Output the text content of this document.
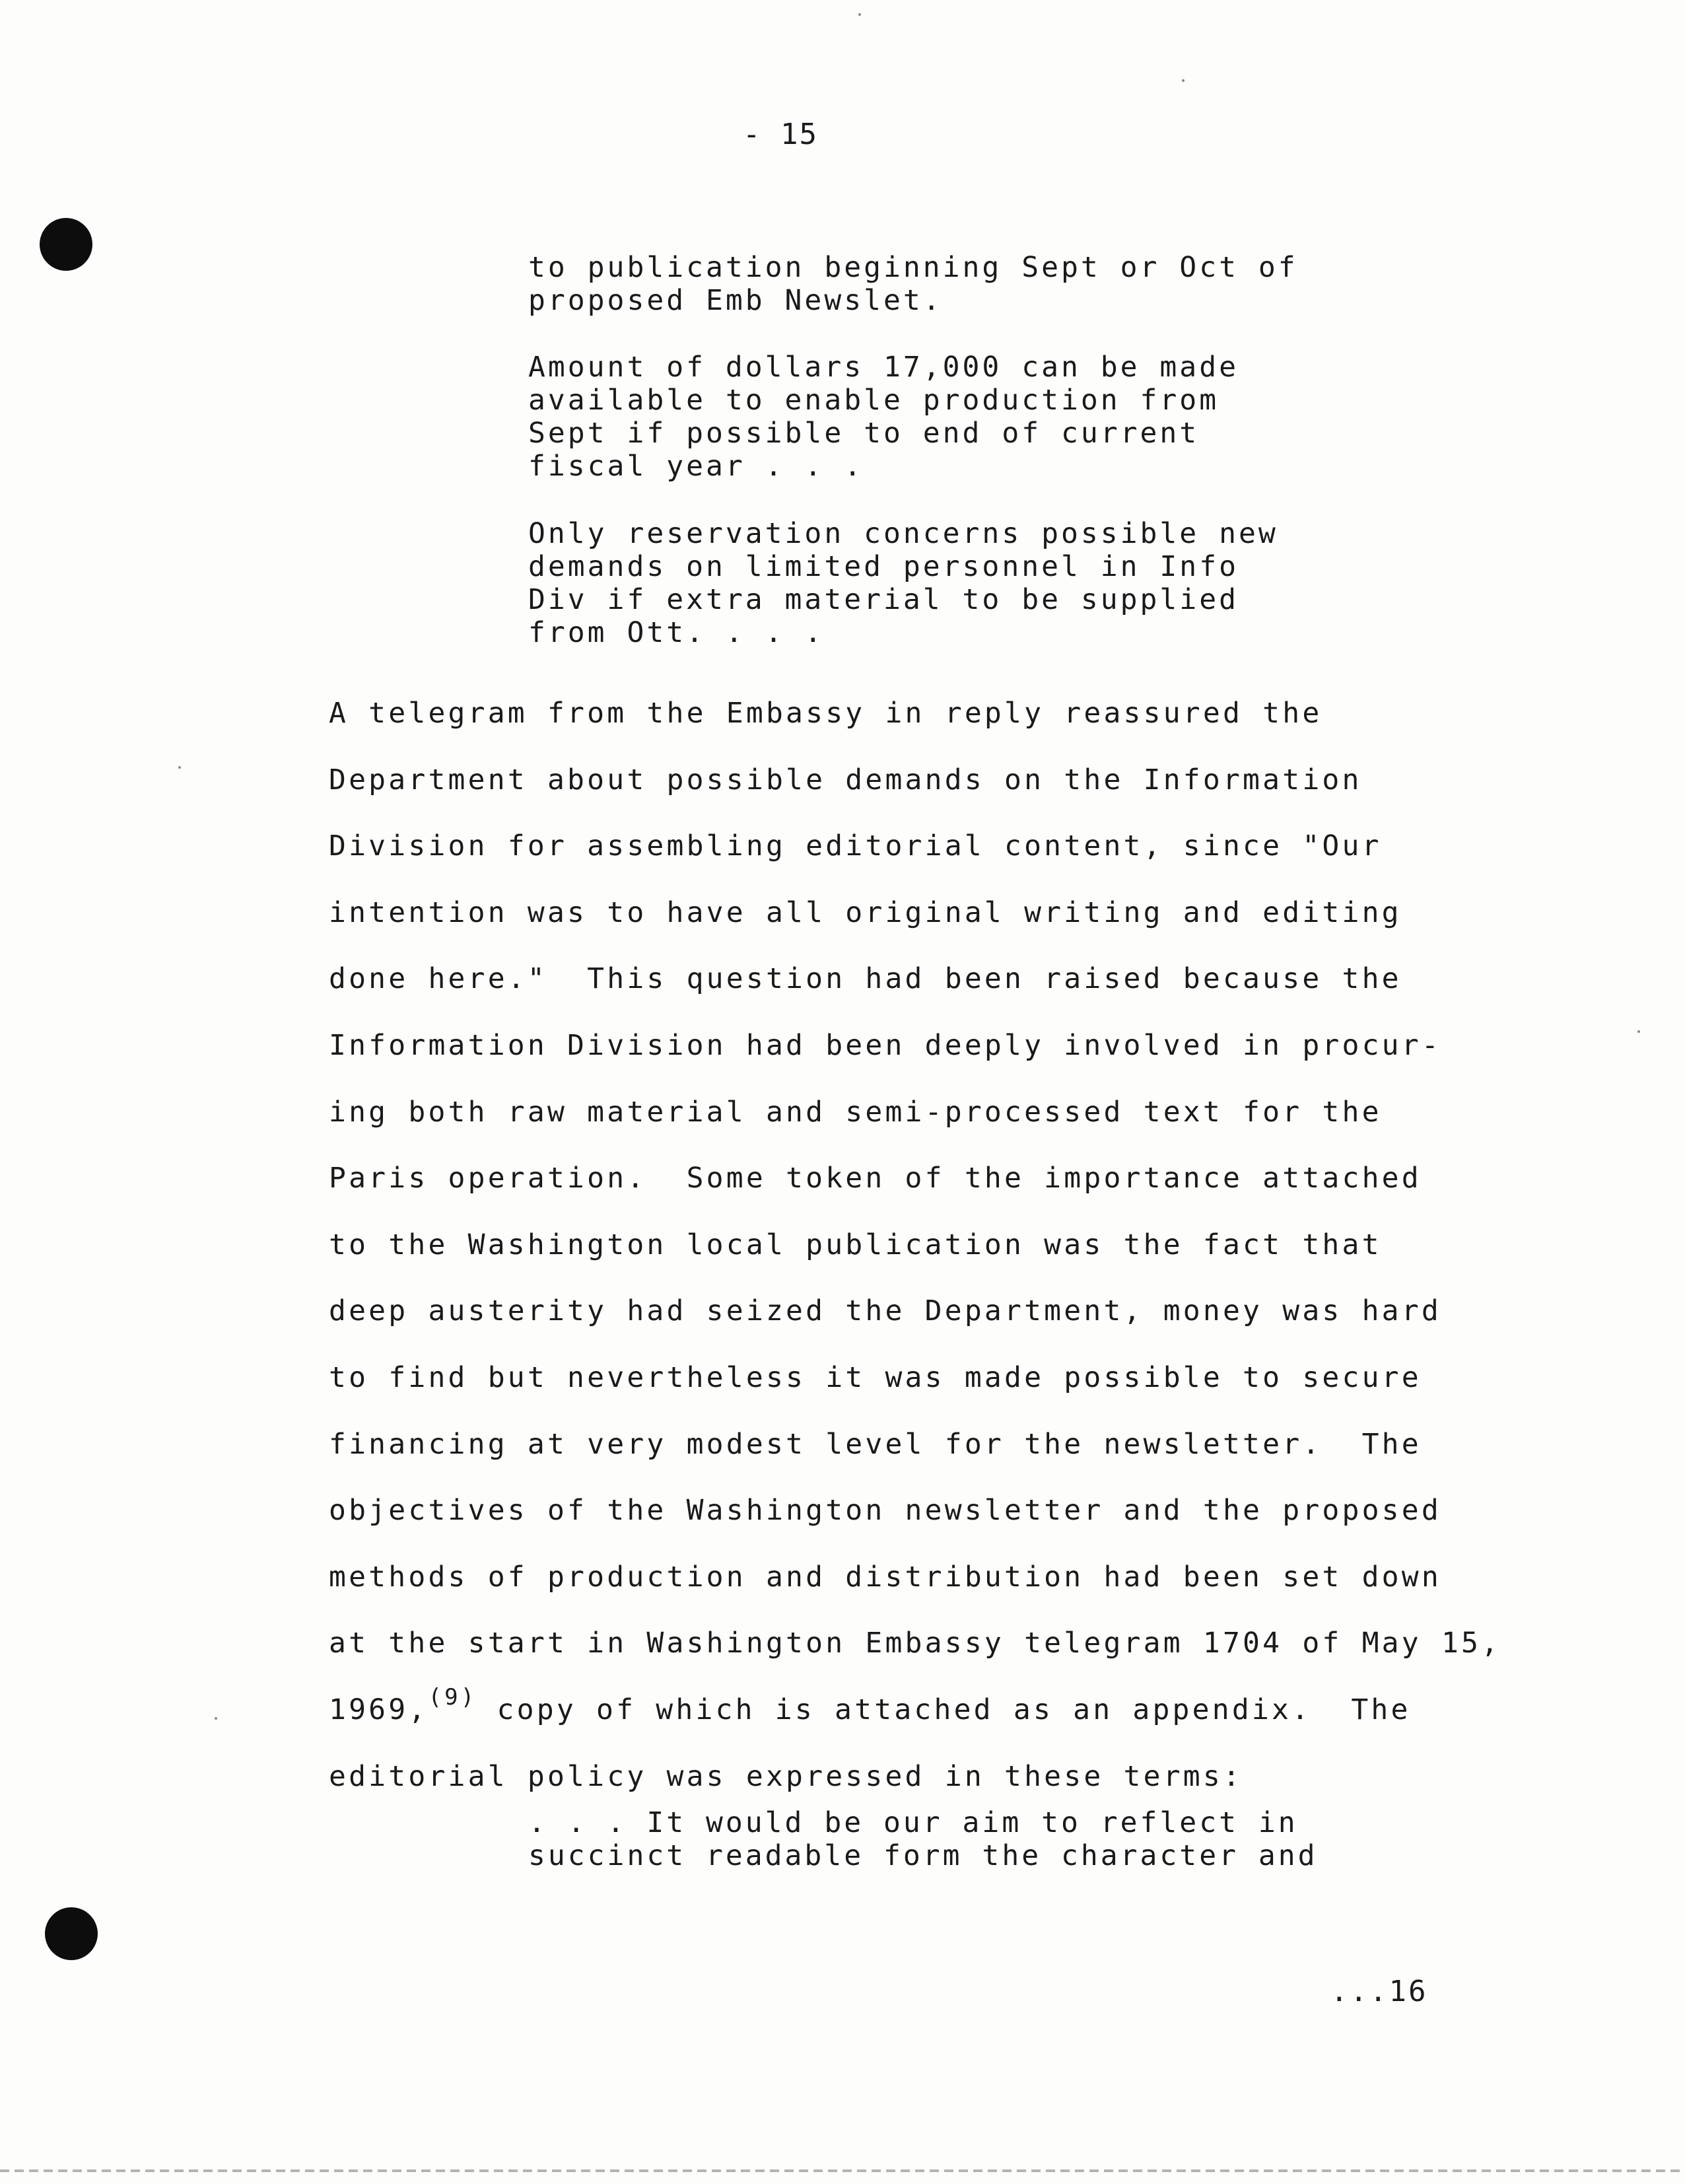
- 15
to publication beginning Sept or Oct of
proposed Emb Newslet.
Amount of dollars 17,000 can be made
available to enable production from
Sept if possible to end of current
fiscal year . . .
Only reservation concerns possible new
demands on limited personnel in Info
Div if extra material to be supplied
from Ott. . . .
A telegram from the Embassy in reply reassured the
Department about possible demands on the Information
Division for assembling editorial content, since "Our
intention was to have all original writing and editing
done here."  This question had been raised because the
Information Division had been deeply involved in procur-
ing both raw material and semi-processed text for the
Paris operation.  Some token of the importance attached
to the Washington local publication was the fact that
deep austerity had seized the Department, money was hard
to find but nevertheless it was made possible to secure
financing at very modest level for the newsletter.  The
objectives of the Washington newsletter and the proposed
methods of production and distribution had been set down
at the start in Washington Embassy telegram 1704 of May 15,
1969,$^{(9)}$ copy of which is attached as an appendix.  The
editorial policy was expressed in these terms:
. . . It would be our aim to reflect in
succinct readable form the character and
...16
